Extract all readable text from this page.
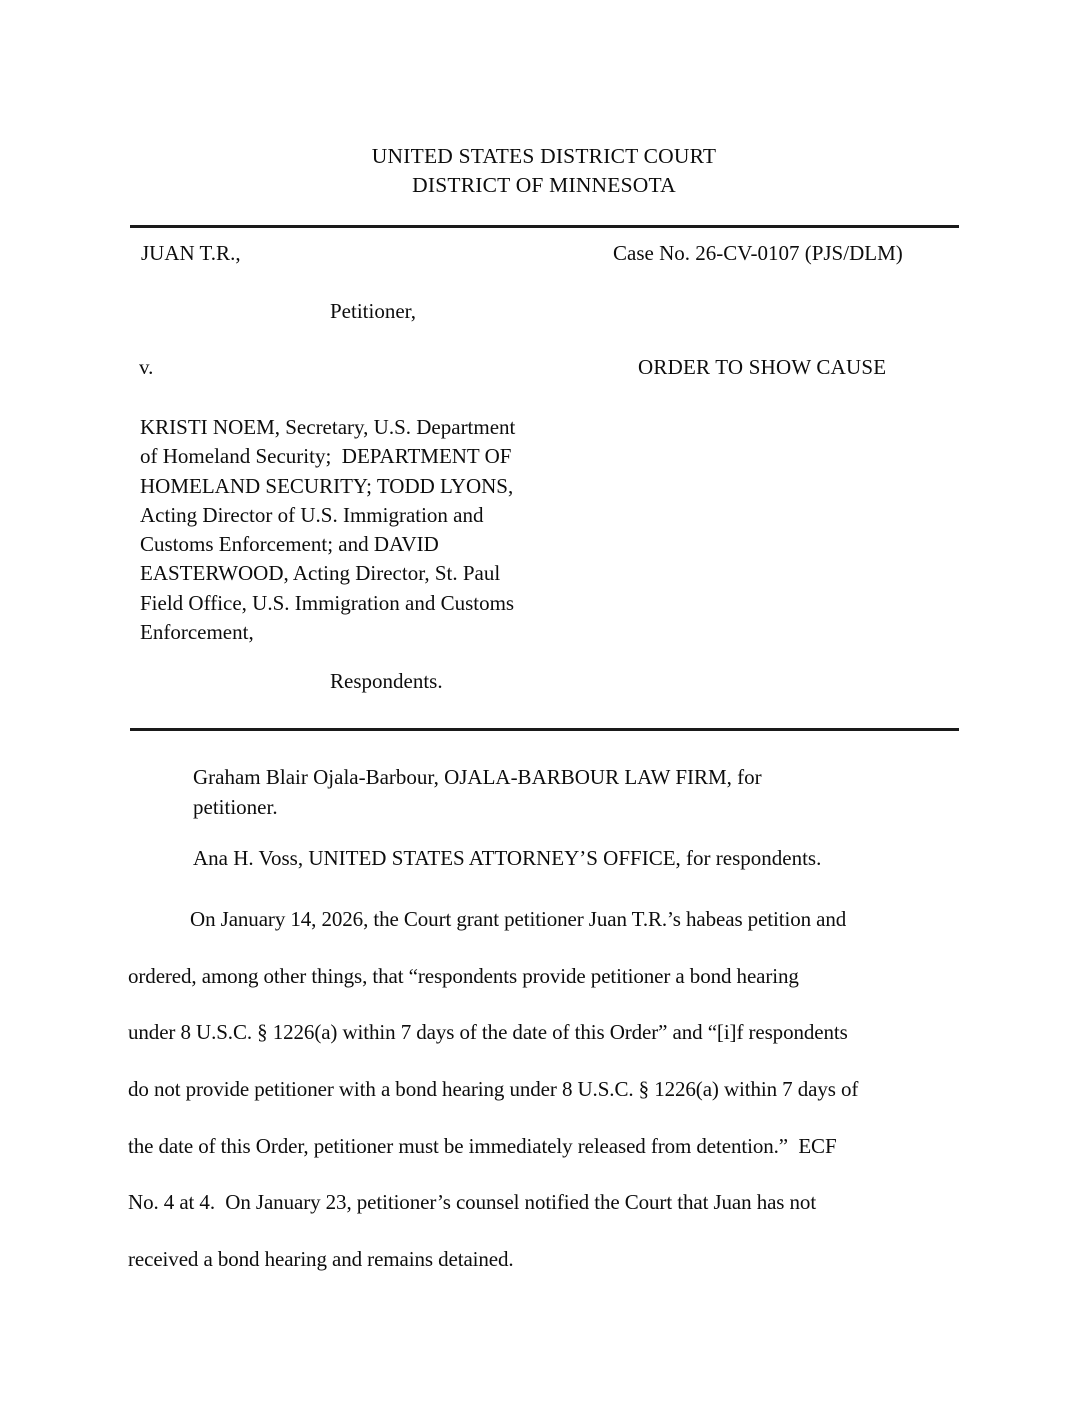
UNITED STATES DISTRICT COURT
DISTRICT OF MINNESOTA
JUAN T.R.,	Case No. 26-CV-0107 (PJS/DLM)
Petitioner,
v.	ORDER TO SHOW CAUSE
KRISTI NOEM, Secretary, U.S. Department
of Homeland Security;  DEPARTMENT OF
HOMELAND SECURITY; TODD LYONS,
Acting Director of U.S. Immigration and
Customs Enforcement; and DAVID
EASTERWOOD, Acting Director, St. Paul
Field Office, U.S. Immigration and Customs
Enforcement,
Respondents.
Graham Blair Ojala-Barbour, OJALA-BARBOUR LAW FIRM, for
petitioner.
Ana H. Voss, UNITED STATES ATTORNEY’S OFFICE, for respondents.
On January 14, 2026, the Court grant petitioner Juan T.R.’s habeas petition and
ordered, among other things, that “respondents provide petitioner a bond hearing
under 8 U.S.C. § 1226(a) within 7 days of the date of this Order” and “[i]f respondents
do not provide petitioner with a bond hearing under 8 U.S.C. § 1226(a) within 7 days of
the date of this Order, petitioner must be immediately released from detention.”  ECF
No. 4 at 4.  On January 23, petitioner’s counsel notified the Court that Juan has not
received a bond hearing and remains detained.
